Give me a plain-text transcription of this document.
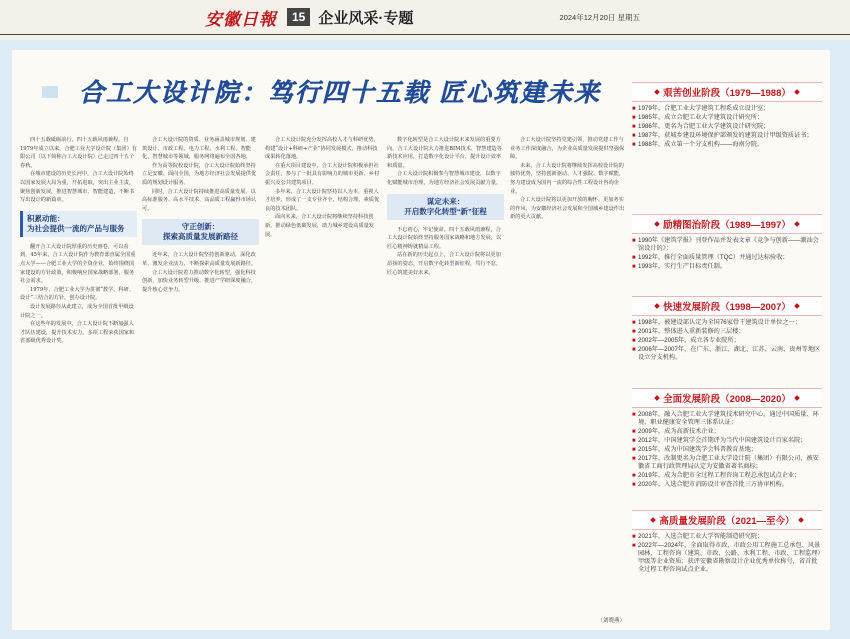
安徽日報	15 企业风采·专题	2024年12月20日 星期五
合工大设计院：笃行四十五载 匠心筑建未来

四十五载砥砺前行，四十五载风雨兼程。自1979年成立以来，合肥工业大学设计院（集团）有限公司（以下简称合工大设计院）已走过四十五个春秋。

在城市建设的历史长河中，合工大设计院始终以国家发展大局为重，开拓进取，突出主业主责，聚焦创新发展，推进智慧城市、智能建造，不断书写出设计的新篇章。

积累动能：
为社会提供一流的产品与服务

翻开合工大设计院厚重的历史画卷，可以看到，45年来，合工大设计院作为教育部直属全国重点大学——合肥工业大学的全资企业，始终围绕国家建设的方针政策，积极响应国家战略部署，服务社会需求。

1979年，合肥工业大学为贯彻“教学、科研、设计”三结合的方针，创办设计院。

设计发展路径从此建立，成为全国首批甲级设计院之一。

在这些年的发展中，合工大设计院不断加强人才队伍建设，提升技术实力，多项工程荣获国家和省部级优秀设计奖。

合工大设计院的资质、业务涵盖城市规划、建筑设计、市政工程、电力工程、水利工程、智能化、智慧城市等领域，服务网络遍布全国各地。

作为高等院校设计院，合工大设计院始终坚持立足安徽、面向全国，为地方经济社会发展提供优质的规划设计服务。

同时，合工大设计院持续推进高质量发展，以高标准服务、高水平技术、高品质工程赢得市场认可。

守正创新：
探索高质量发展新路径

近年来，合工大设计院坚持创新驱动，深化改革，激发企业活力，不断探索高质量发展新路径。

合工大设计院着力推动数字化转型，强化科技创新，加快业务转型升级，推进产学研深度融合，提升核心竞争力。

合工大设计院充分发挥高校人才与科研优势，构建“设计+科研+产业”协同发展模式，推动科技成果转化落地。

在重大项目建设中，合工大设计院积极承担社会责任，参与了一批具有影响力的城市更新、乡村振兴及公共建筑项目。

多年来，合工大设计院坚持以人为本，重视人才培养，形成了一支专业齐全、结构合理、素质优良的技术团队。

面向未来，合工大设计院将继续坚持科技创新，推动绿色低碳发展，助力城乡建设高质量发展。

数字化转型是合工大设计院未来发展的重要方向。合工大设计院大力推进BIM技术、智慧建造等新技术应用，打造数字化设计平台，提升设计效率和质量。

合工大设计院积极参与智慧城市建设，以数字化赋能城市治理，为地方经济社会发展贡献力量。

谋定未来：
开启数字化转型“新”征程

不忘初心，牢记使命。四十五载风雨兼程，合工大设计院始终坚持服务国家战略和地方发展，以匠心精神铸就精品工程。

站在新的历史起点上，合工大设计院将以更加昂扬的姿态，开启数字化转型新征程，笃行不怠，匠心筑建美好未来。

合工大设计院坚持党建引领，推动党建工作与业务工作深度融合，为企业高质量发展提供坚强保障。

未来，合工大设计院将继续发挥高校设计院的独特优势，坚持创新驱动、人才强院、数字赋能，努力建设成为国内一流的综合性工程设计咨询企业。

合工大设计院将以更加开放的胸怀、更加务实的作风，为安徽经济社会发展和全国城乡建设作出新的更大贡献。

（刘晓燕）
艰苦创业阶段（1979—1988）
■ 1979年，合肥工业大学建筑工程系成立设计室；
■ 1985年，成立合肥工业大学建筑设计研究所；
■ 1986年，更名为合肥工业大学建筑设计研究院；
■ 1987年，获城乡建设环境保护部颁发的建筑设计甲级资质证书；
■ 1988年，成立第一个分支机构——海南分院。
励精图治阶段（1989—1997）
■ 1990年《建筑学报》刊登作品并发表文章《竞争与创新——潮汕会馆设计的》；
■ 1992年，推行全面质量管理（TQC）并通过达标验收；
■ 1993年，实行生产目标责任制。
快速发展阶段（1998—2007）
■ 1998年，被建设部认定为全国76家骨干建筑设计单位之一；
■ 2001年，整体进入重新装修的三层楼；
■ 2002年—2005年，成立各专业院所；
■ 2006年—2007年，在广东、浙江、湖北、江苏、云南、贵州等地区设立分支机构。
全面发展阶段（2008—2020）
■ 2008年，融入合肥工业大学建筑技术研究中心，通过中国质量、环境、职业健康安全管理三体系认证；
■ 2009年，成为高新技术企业；
■ 2012年，中国建筑学会首期评为当代中国建筑设计百家名院；
■ 2015年，成为中国建筑学会科普教育基地；
■ 2017年，改制更名为合肥工业大学设计院（集团）有限公司，被安徽省工商行政管理局认定为安徽省著名商标；
■ 2019年，成为合肥市全过程工程咨询工程总承包试点企业；
■ 2020年，入选合肥市消防设计审查首批三方协审机构。
高质量发展阶段（2021—至今）
■ 2021年，入选合肥工业大学智能制造研究院；
■ 2022年—2024年，全面取得市政、市政公用工程施工总承包、风景园林、工程咨询（建筑、市政、公路、水利工程、市政、工程监理）甲级等企业资质；获评安徽省勘察设计企业优秀单位称号，省首批全过程工程咨询试点企业。
